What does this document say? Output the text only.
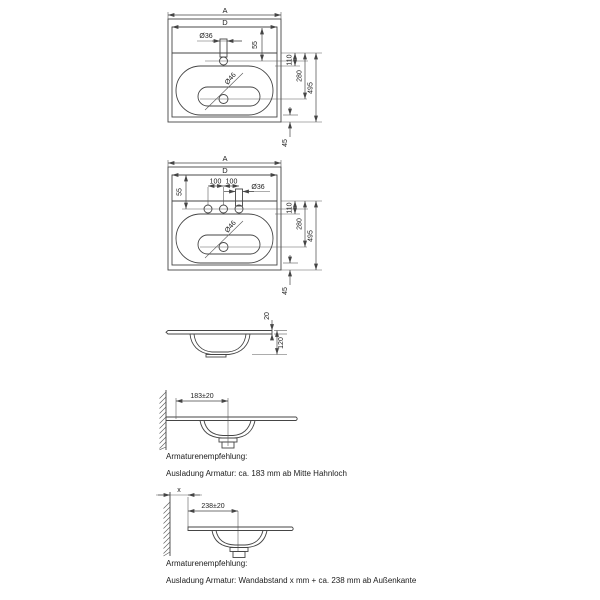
Ø46
A
D
Ø36
55
110
280
495
45
Ø46
A
D
100 100
Ø36
55
110
280
495
45
20
120
183±20
x
238±20
Armaturenempfehlung:
Ausladung Armatur: ca. 183 mm ab Mitte Hahnloch
Armaturenempfehlung:
Ausladung Armatur: Wandabstand x mm + ca. 238 mm ab Außenkante
